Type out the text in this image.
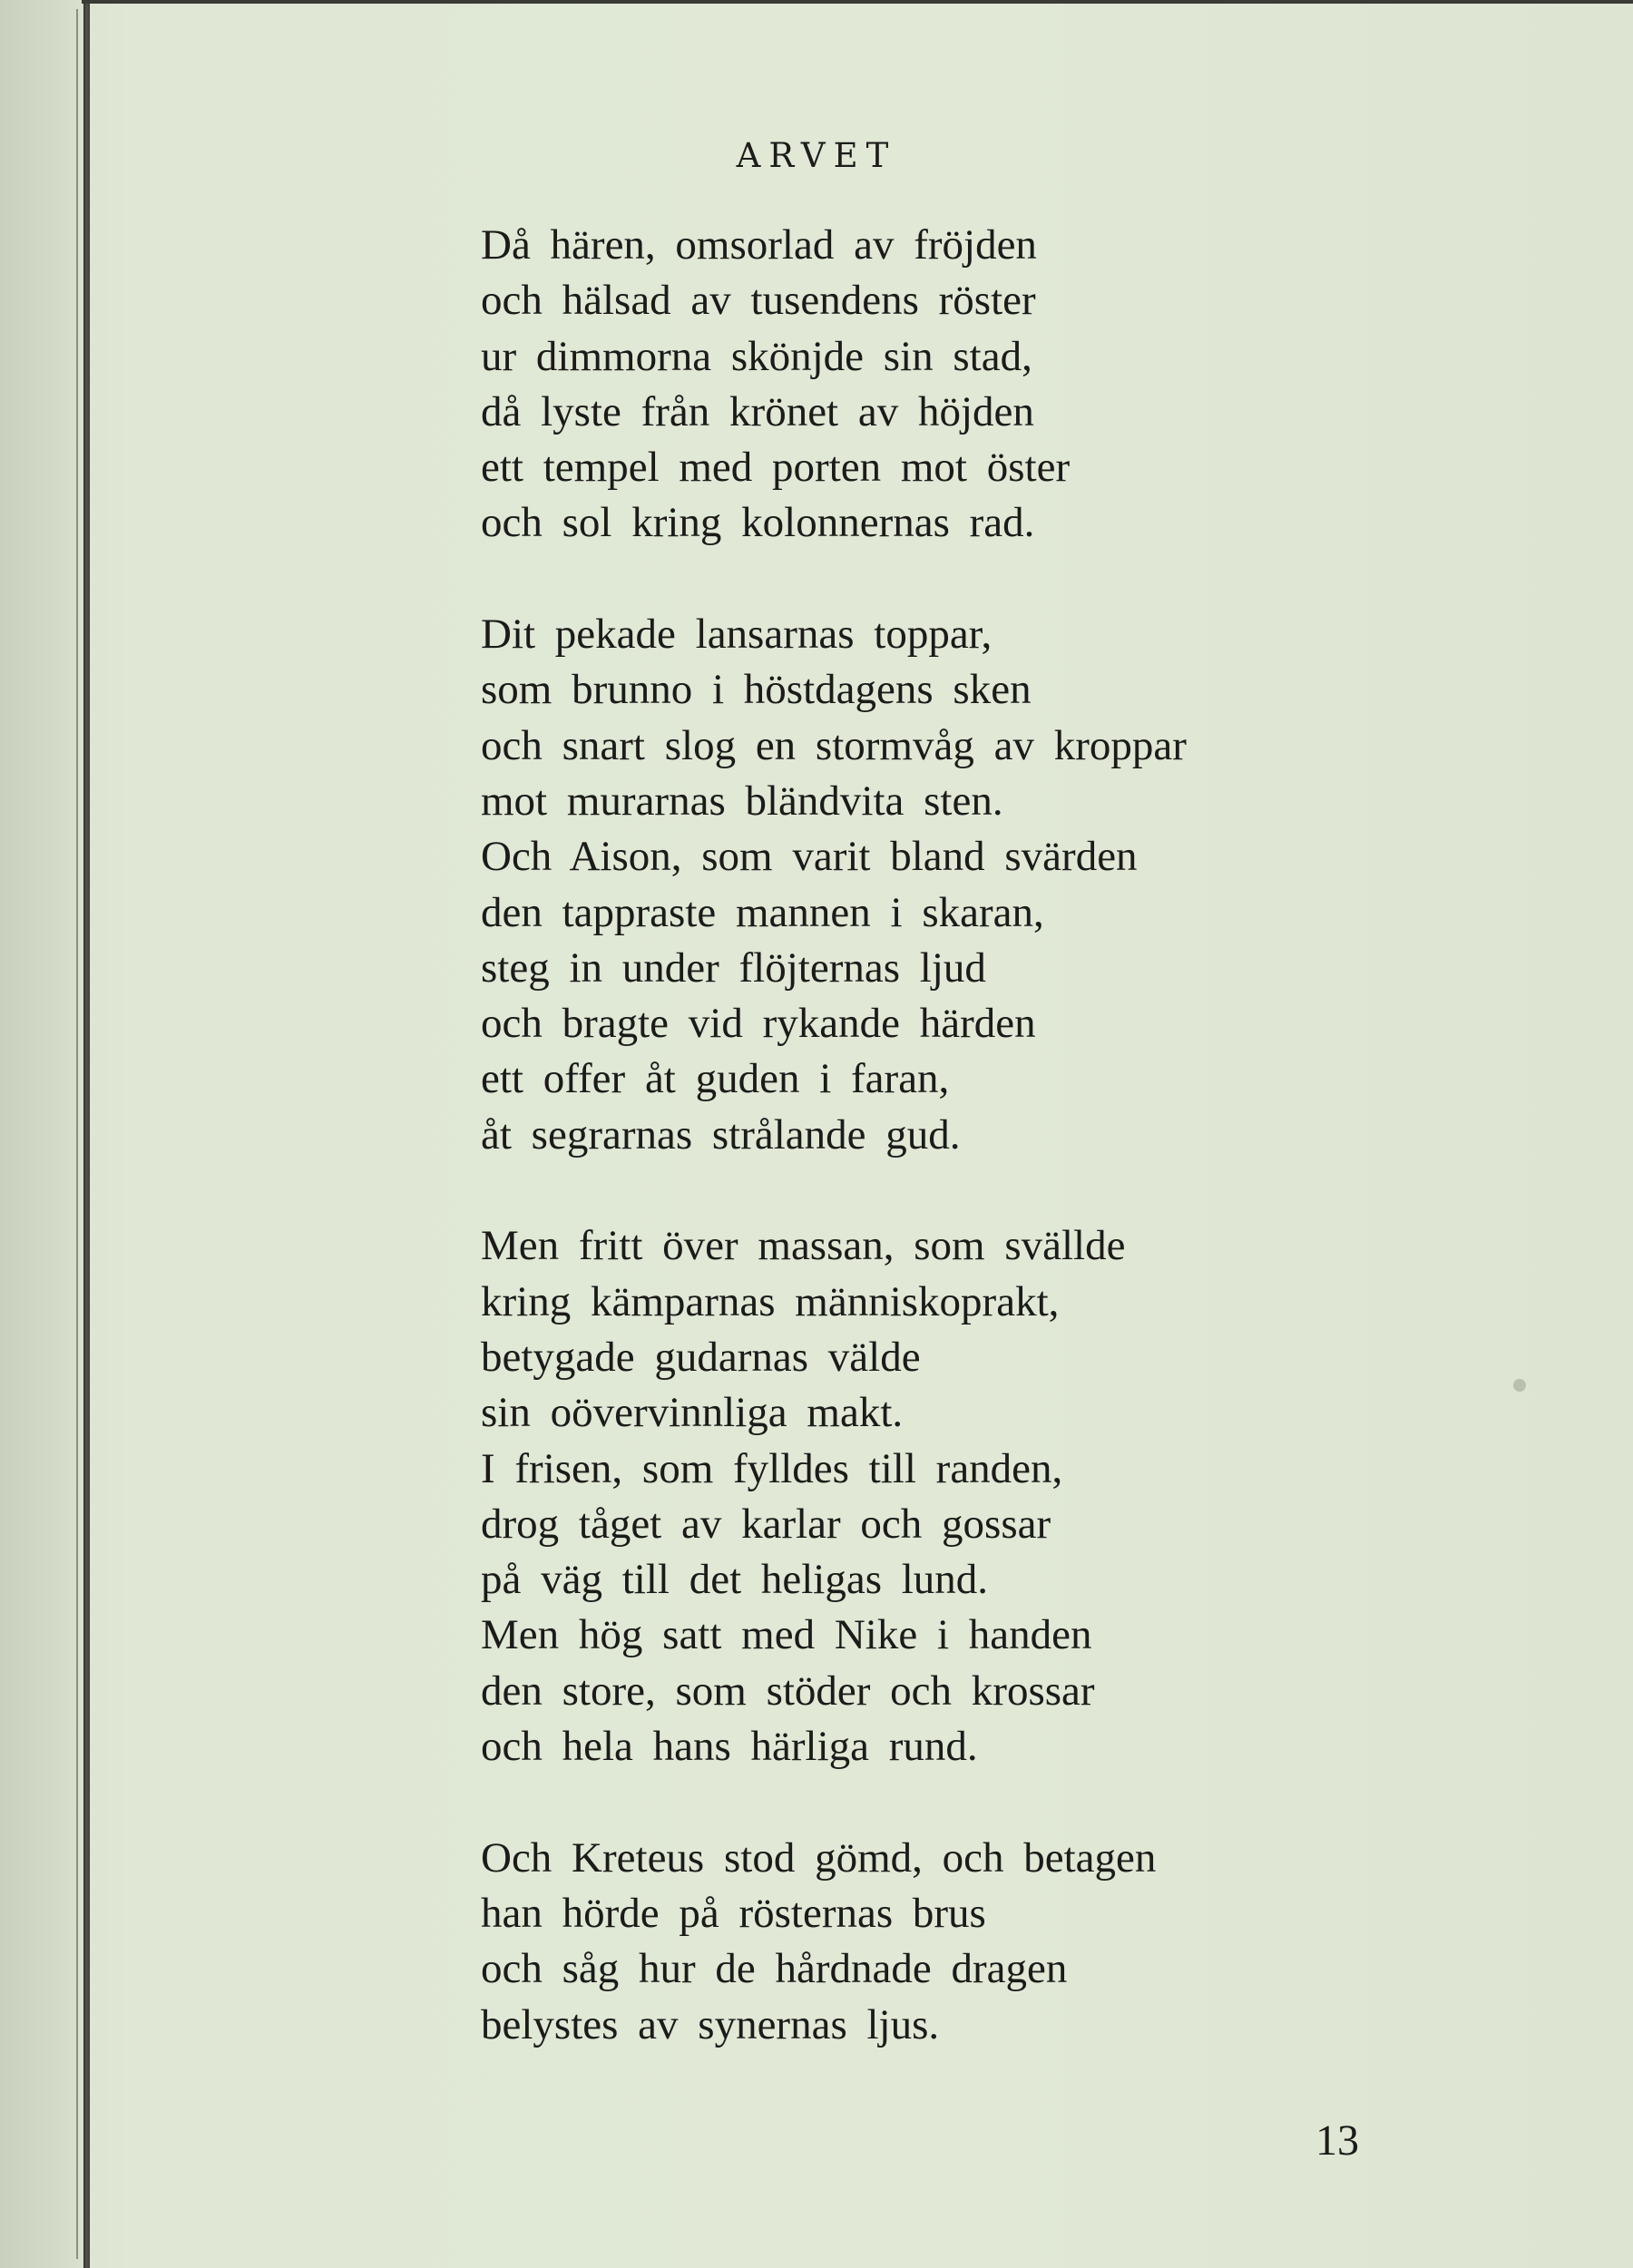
ARVET
Då hären, omsorlad av fröjden
och hälsad av tusendens röster
ur dimmorna skönjde sin stad,
då lyste från krönet av höjden
ett tempel med porten mot öster
och sol kring kolonnernas rad.
Dit pekade lansarnas toppar,
som brunno i höstdagens sken
och snart slog en stormvåg av kroppar
mot murarnas bländvita sten.
Och Aison, som varit bland svärden
den tappraste mannen i skaran,
steg in under flöjternas ljud
och bragte vid rykande härden
ett offer åt guden i faran,
åt segrarnas strålande gud.
Men fritt över massan, som svällde
kring kämparnas människoprakt,
betygade gudarnas välde
sin oövervinnliga makt.
I frisen, som fylldes till randen,
drog tåget av karlar och gossar
på väg till det heligas lund.
Men hög satt med Nike i handen
den store, som stöder och krossar
och hela hans härliga rund.
Och Kreteus stod gömd, och betagen
han hörde på rösternas brus
och såg hur de hårdnade dragen
belystes av synernas ljus.
13
